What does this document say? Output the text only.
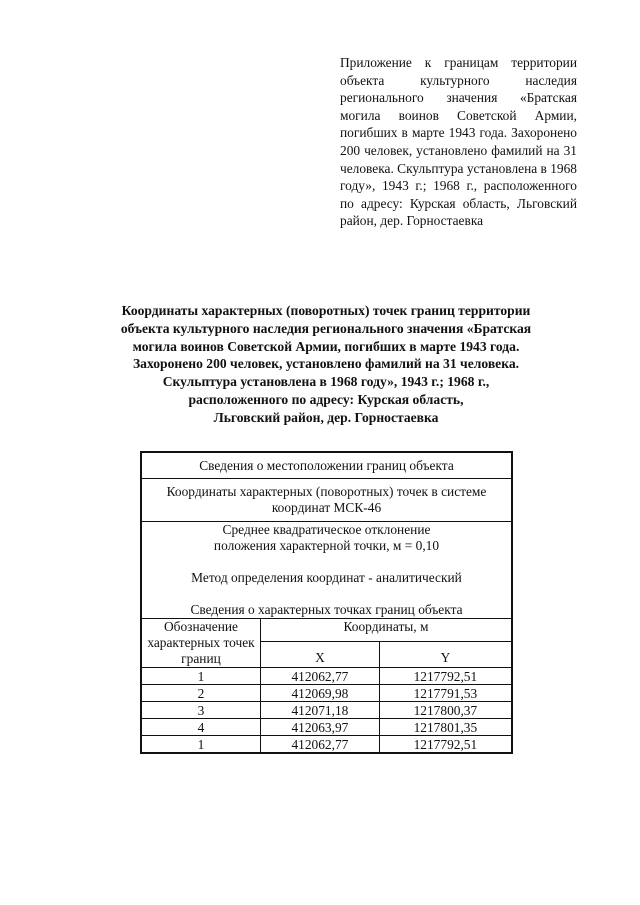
Приложение к границам территории объекта культурного наследия регионального значения «Братская могила воинов Советской Армии, погибших в марте 1943 года. Захоронено 200 человек, установлено фамилий на 31 человека. Скульптура установлена в 1968 году», 1943 г.; 1968 г., расположенного по адресу: Курская область, Льговский район, дер. Горностаевка
Координаты характерных (поворотных) точек границ территории
объекта культурного наследия регионального значения «Братская
могила воинов Советской Армии, погибших в марте 1943 года.
Захоронено 200 человек, установлено фамилий на 31 человека.
Скульптура установлена в 1968 году», 1943 г.; 1968 г.,
расположенного по адресу: Курская область,
Льговский район, дер. Горностаевка
Сведения о местоположении границ объекта		
Координаты характерных (поворотных) точек в системе координат МСК-46		

Среднее квадратическое отклонение

положения характерной точки, м = 0,10

Метод определения координат - аналитический

Сведения о характерных точках границ объекта		

Обозначение характерных точек границ	Координаты, м	
	X	Y
1	412062,77	1217792,51
2	412069,98	1217791,53
3	412071,18	1217800,37
4	412063,97	1217801,35
1	412062,77	1217792,51
